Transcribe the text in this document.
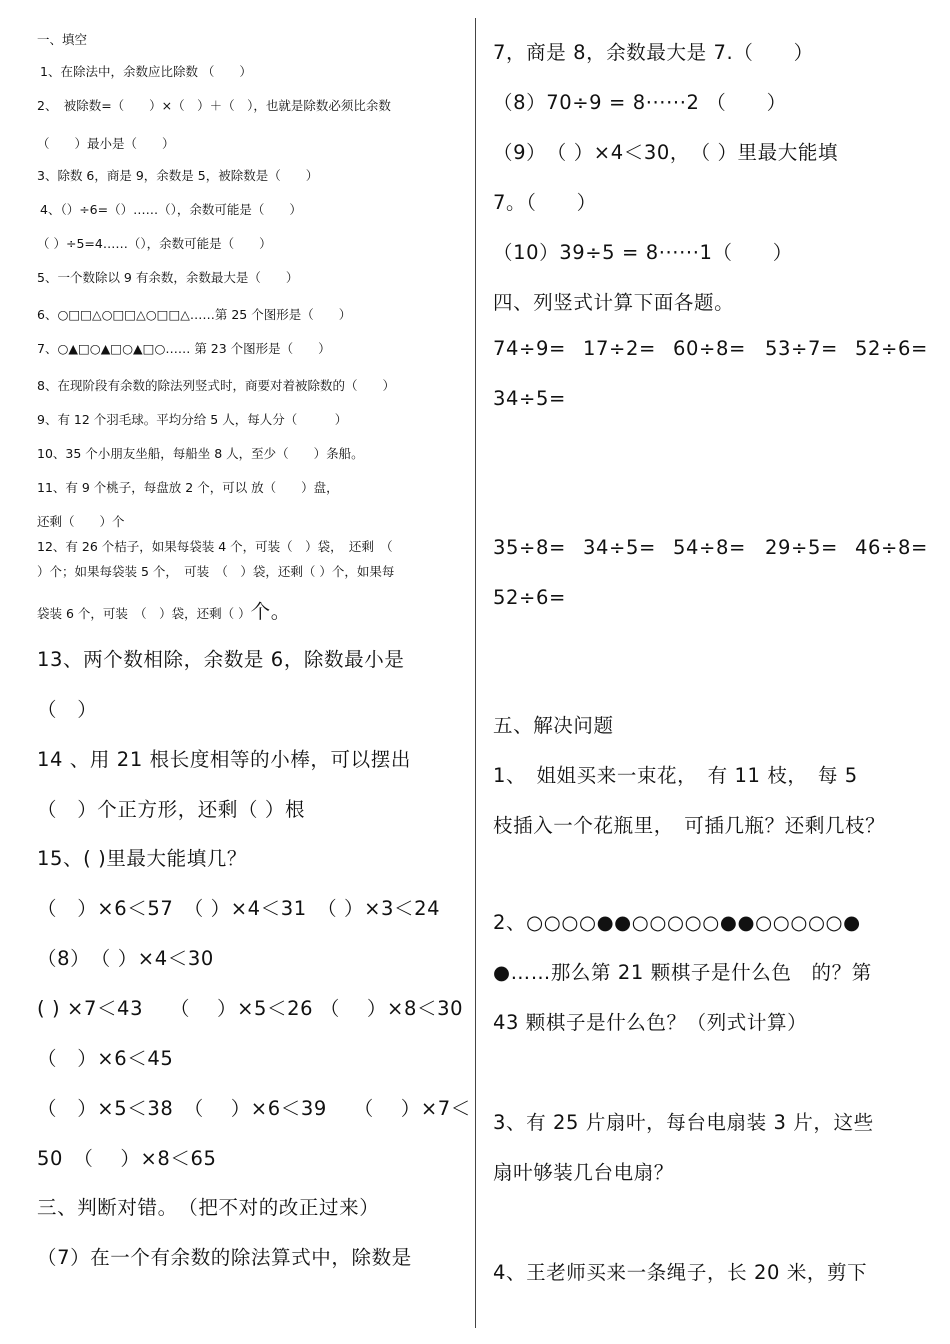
一、填空
1、在除法中，余数应比除数 （　　）
2、　被除数=（　　）×（　）＋（　），也就是除数必须比余数
（　　）最小是（　　）
3、除数 6，商是 9，余数是 5，被除数是（　　）
4、（）÷6=（）……（），余数可能是（　　）
（ ）÷5=4……（），余数可能是（　　）
5、一个数除以 9 有余数，余数最大是（　　）
6、○□□△○□□△○□□△……第 25 个图形是（　　）
7、○▲□○▲□○▲□○…… 第 23 个图形是（　　）
8、在现阶段有余数的除法列竖式时，商要对着被除数的（　　）
9、有 12 个羽毛球。平均分给 5 人，每人分（　　　）
10、35 个小朋友坐船，每船坐 8 人，至少（　　）条船。
11、有 9 个桃子，每盘放 2 个，可以 放（　　）盘，
还剩（　　）个
12、有 26 个桔子，如果每袋装 4 个，可装（　）袋，　还剩　（
）个；如果每袋装 5 个，　可装　（　）袋，还剩（ ）个，如果每
袋装 6 个，可装　（　）袋，还剩（ ）个。
13、两个数相除，余数是 6，除数最小是
（　）
14 、用 21 根长度相等的小棒，可以摆出
（　）个正方形，还剩（ ）根
15、( )里最大能填几？
（　）×6＜57　（ ）×4＜31　（ ）×3＜24
（8）　（ ）×4＜30
( ) ×7＜43　 （　 ）×5＜26 （　 ）×8＜30
（　）×6＜45
（　）×5＜38　（　 ）×6＜39　 （　 ）×7＜
50　（　 ）×8＜65
三、判断对错。　（把不对的改正过来）
（7）在一个有余数的除法算式中，除数是
7，商是 8，余数最大是 7.（　　）
（8）70÷9 = 8······2 （　　）
（9）　（ ）×4＜30，　（ ）里最大能填
7。（　　）
（10）39÷5 = 8······1（　　）
四、列竖式计算下面各题。
74÷9= 17÷2= 60÷8= 53÷7= 52÷6=
34÷5=
35÷8= 34÷5= 54÷8= 29÷5= 46÷8=
52÷6=
五、解决问题
1、　姐姐买来一束花，　有 11 枝，　每 5
枝插入一个花瓶里，　可插几瓶？还剩几枝？
2、○○○○●●○○○○○●●○○○○○●
●……那么第 21 颗棋子是什么色　的？第
43 颗棋子是什么色？（列式计算）
3、有 25 片扇叶，每台电扇装 3 片，这些
扇叶够装几台电扇？
4、王老师买来一条绳子，长 20 米，剪下
